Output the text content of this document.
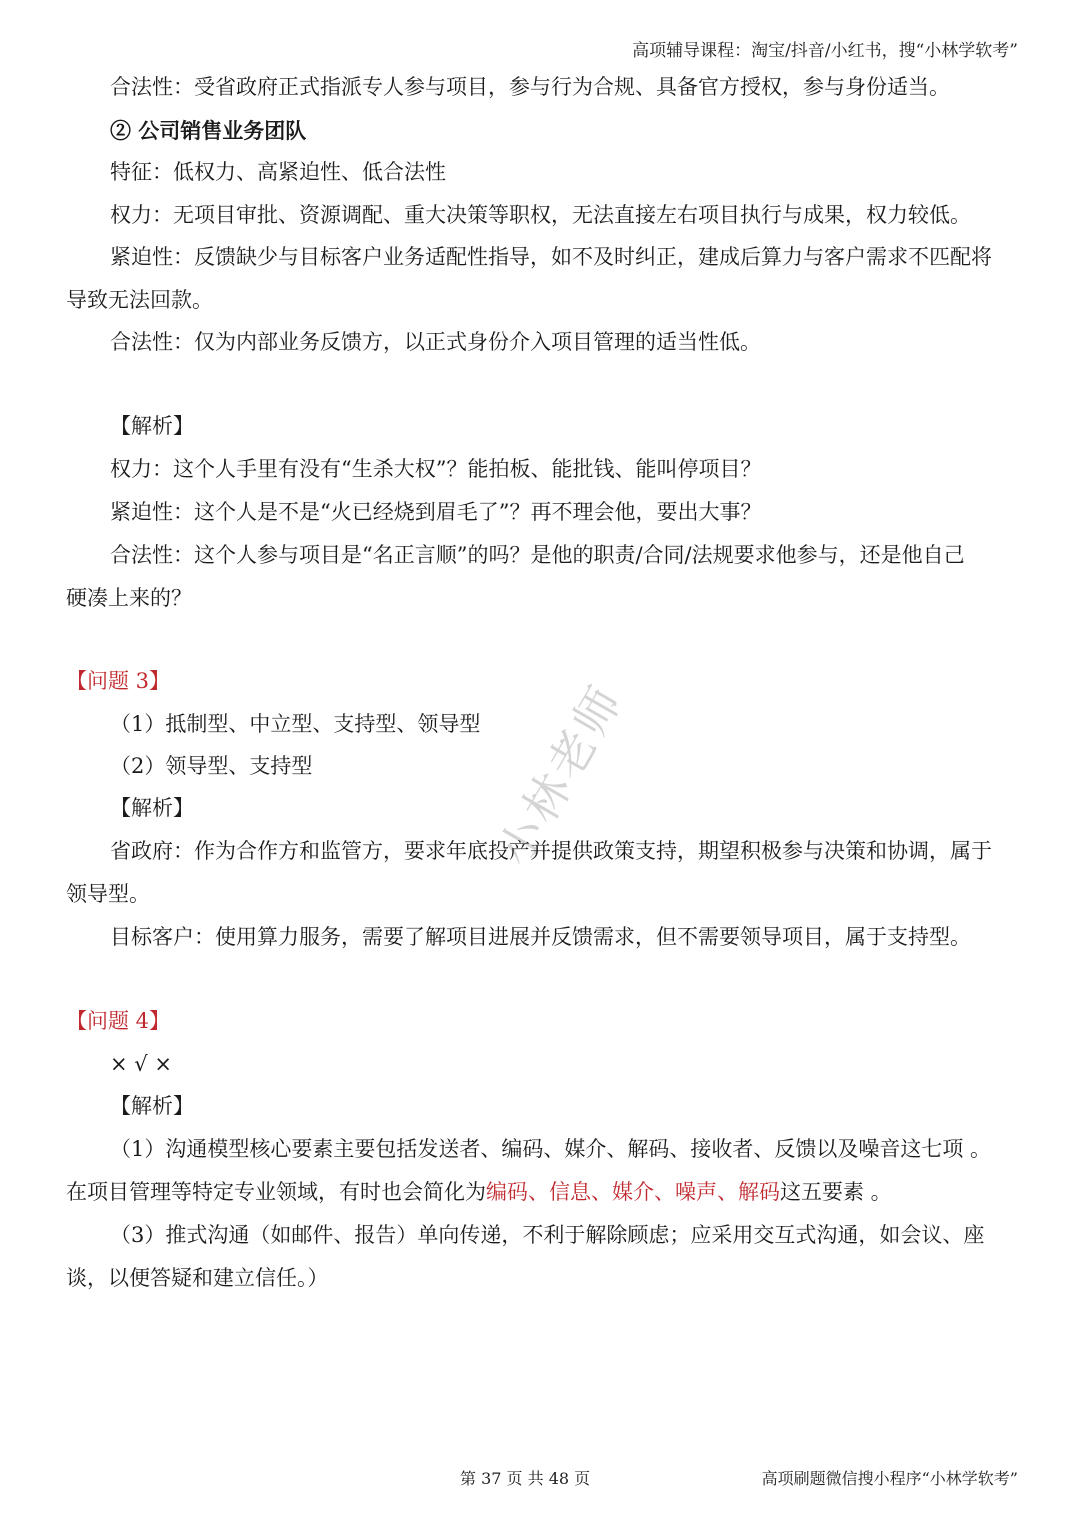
高项辅导课程：淘宝/抖音/小红书，搜“小林学软考”
小林老师
合法性：受省政府正式指派专人参与项目，参与行为合规、具备官方授权，参与身份适当。
② 公司销售业务团队
特征：低权力、高紧迫性、低合法性
权力：无项目审批、资源调配、重大决策等职权，无法直接左右项目执行与成果，权力较低。
紧迫性：反馈缺少与目标客户业务适配性指导，如不及时纠正，建成后算力与客户需求不匹配将
导致无法回款。
合法性：仅为内部业务反馈方，以正式身份介入项目管理的适当性低。
【解析】
权力：这个人手里有没有“生杀大权”？能拍板、能批钱、能叫停项目？
紧迫性：这个人是不是“火已经烧到眉毛了”？再不理会他，要出大事？
合法性：这个人参与项目是“名正言顺”的吗？是他的职责/合同/法规要求他参与，还是他自己
硬凑上来的？
【问题 3】
（1）抵制型、中立型、支持型、领导型
（2）领导型、支持型
【解析】
省政府：作为合作方和监管方，要求年底投产并提供政策支持，期望积极参与决策和协调，属于
领导型。
目标客户：使用算力服务，需要了解项目进展并反馈需求，但不需要领导项目，属于支持型。
【问题 4】
× √ ×
【解析】
（1）沟通模型核心要素主要包括发送者、编码、媒介、解码、接收者、反馈以及噪音这七项 。
在项目管理等特定专业领域，有时也会简化为编码、信息、媒介、噪声、解码这五要素 。
（3）推式沟通（如邮件、报告）单向传递，不利于解除顾虑；应采用交互式沟通，如会议、座
谈，以便答疑和建立信任。）
第 37 页 共 48 页	高项刷题微信搜小程序“小林学软考”
